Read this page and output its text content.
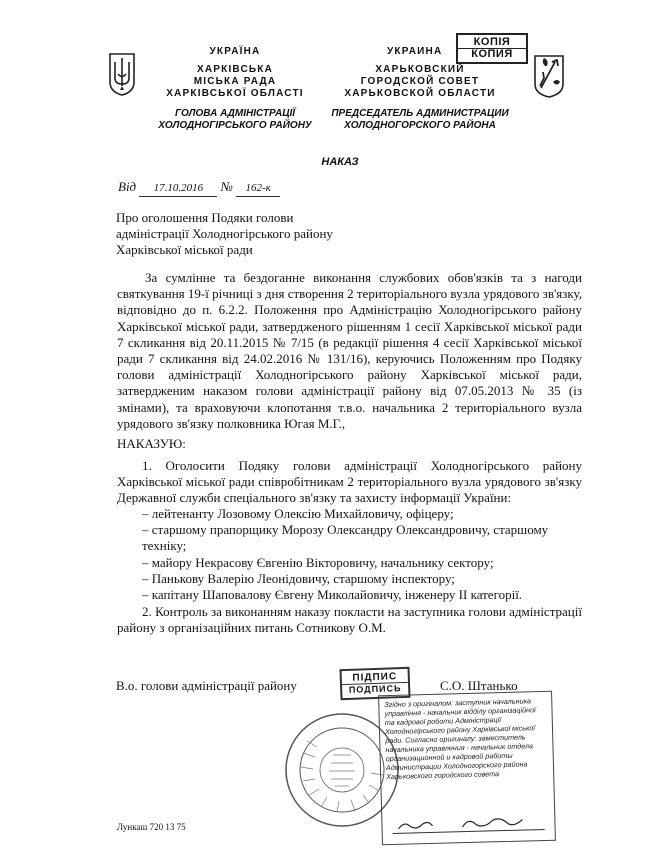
УКРАЇНА
ХАРКІВСЬКА
МІСЬКА РАДА
ХАРКІВСЬКОЇ ОБЛАСТІ
ГОЛОВА АДМІНІСТРАЦІЇ
ХОЛОДНОГІРСЬКОГО РАЙОНУ
УКРАИНА
ХАРЬКОВСКИЙ
ГОРОДСКОЙ СОВЕТ
ХАРЬКОВСКОЙ ОБЛАСТИ
ПРЕДСЕДАТЕЛЬ АДМИНИСТРАЦИИ
ХОЛОДНОГОРСКОГО РАЙОНА
КОПІЯ
КОПИЯ
НАКАЗ
Від 17.10.2016 № 162-к
Про оголошення Подяки голови
адміністрації Холодногірського району
Харківської міської ради
За сумлінне та бездоганне виконання службових обов'язків та з нагоди святкування 19-ї річниці з дня створення 2 територіального вузла урядового зв'язку, відповідно до п. 6.2.2. Положення про Адміністрацію Холодногірського району Харківської міської ради, затвердженого рішенням 1 сесії Харківської міської ради 7 скликання від 20.11.2015 № 7/15 (в редакції рішення 4 сесії Харківської міської ради 7 скликання від 24.02.2016 № 131/16), керуючись Положенням про Подяку голови адміністрації Холодногірського району Харківської міської ради, затвердженим наказом голови адміністрації району від 07.05.2013 № 35 (із змінами), та враховуючи клопотання т.в.о. начальника 2 територіального вузла урядового зв'язку полковника Югая М.Г.,
НАКАЗУЮ:
1. Оголосити Подяку голови адміністрації Холодногірського району Харківської міської ради співробітникам 2 територіального вузла урядового зв'язку Державної служби спеціального зв'язку та захисту інформації України:
– лейтенанту Лозовому Олексію Михайловичу, офіцеру;
– старшому прапорщику Морозу Олександру Олександровичу, старшому техніку;
– майору Некрасову Євгенію Вікторовичу, начальнику сектору;
– Панькову Валерію Леонідовичу, старшому інспектору;
– капітану Шаповалову Євгену Миколайовичу, інженеру II категорії.
2. Контроль за виконанням наказу покласти на заступника голови адміністрації району з організаційних питань Сотникову О.М.
В.о. голови адміністрації району
ПІДПИС
ПОДПИСЬ	С.О. Штанько
Згідно з оригіналом: заступник начальника управління - начальник відділу організаційної та кадрової роботи Адміністрації Холодногірського району Харківської міської ради. Согласно оригиналу: заместитель начальника управления - начальник отдела организационной и кадровой работы Администрации Холодногорского района Харьковского городского совета
Лункаш 720 13 75
